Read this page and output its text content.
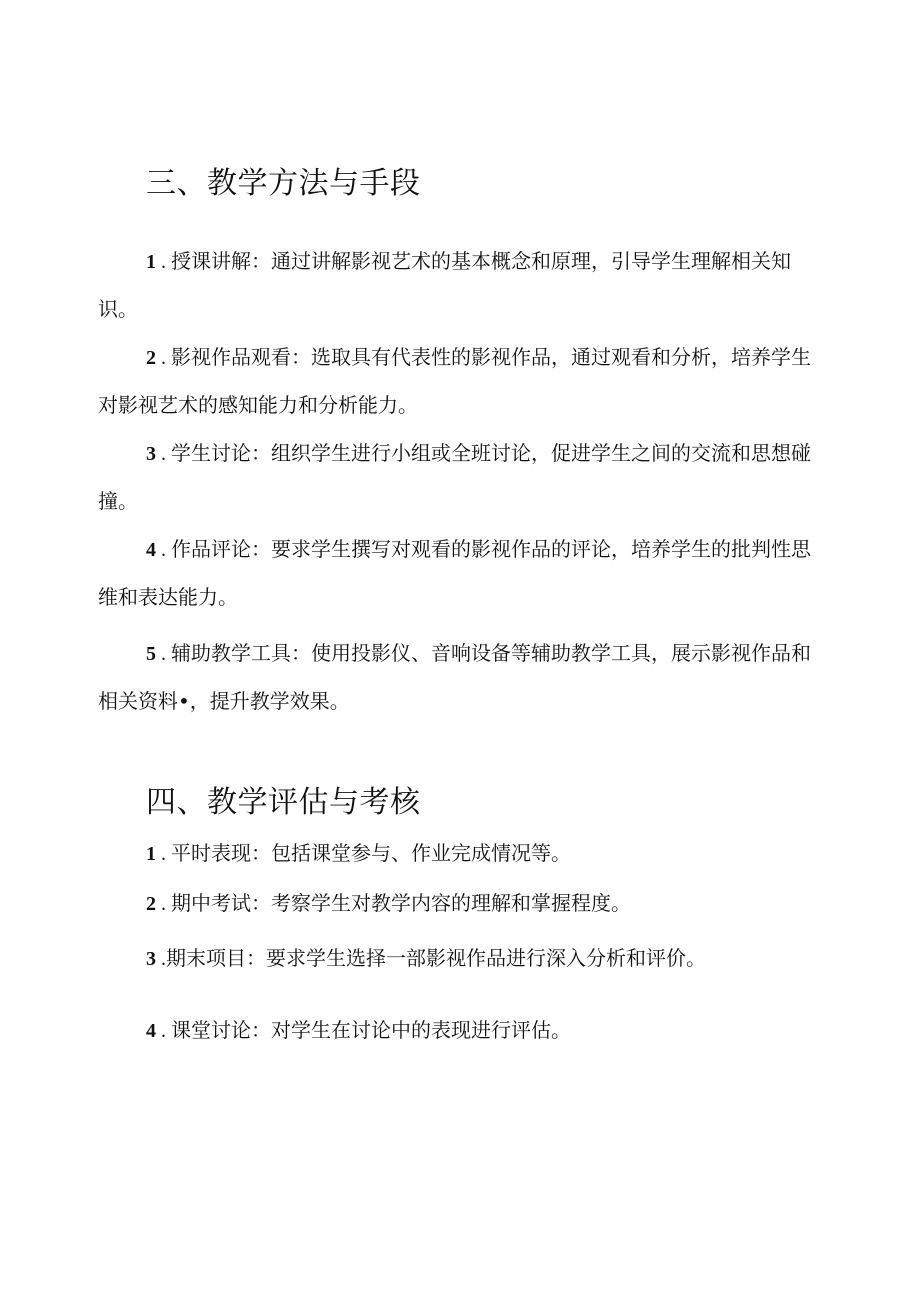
三、教学方法与手段

1 . 授课讲解：通过讲解影视艺术的基本概念和原理，引导学生理解相关知识。

2 . 影视作品观看：选取具有代表性的影视作品，通过观看和分析，培养学生对影视艺术的感知能力和分析能力。

3 . 学生讨论：组织学生进行小组或全班讨论，促进学生之间的交流和思想碰撞。

4 . 作品评论：要求学生撰写对观看的影视作品的评论，培养学生的批判性思维和表达能力。

5 . 辅助教学工具：使用投影仪、音响设备等辅助教学工具，展示影视作品和相关资料•，提升教学效果。

四、教学评估与考核

1 . 平时表现：包括课堂参与、作业完成情况等。

2 . 期中考试：考察学生对教学内容的理解和掌握程度。

3 .期末项目：要求学生选择一部影视作品进行深入分析和评价。

4 . 课堂讨论：对学生在讨论中的表现进行评估。
